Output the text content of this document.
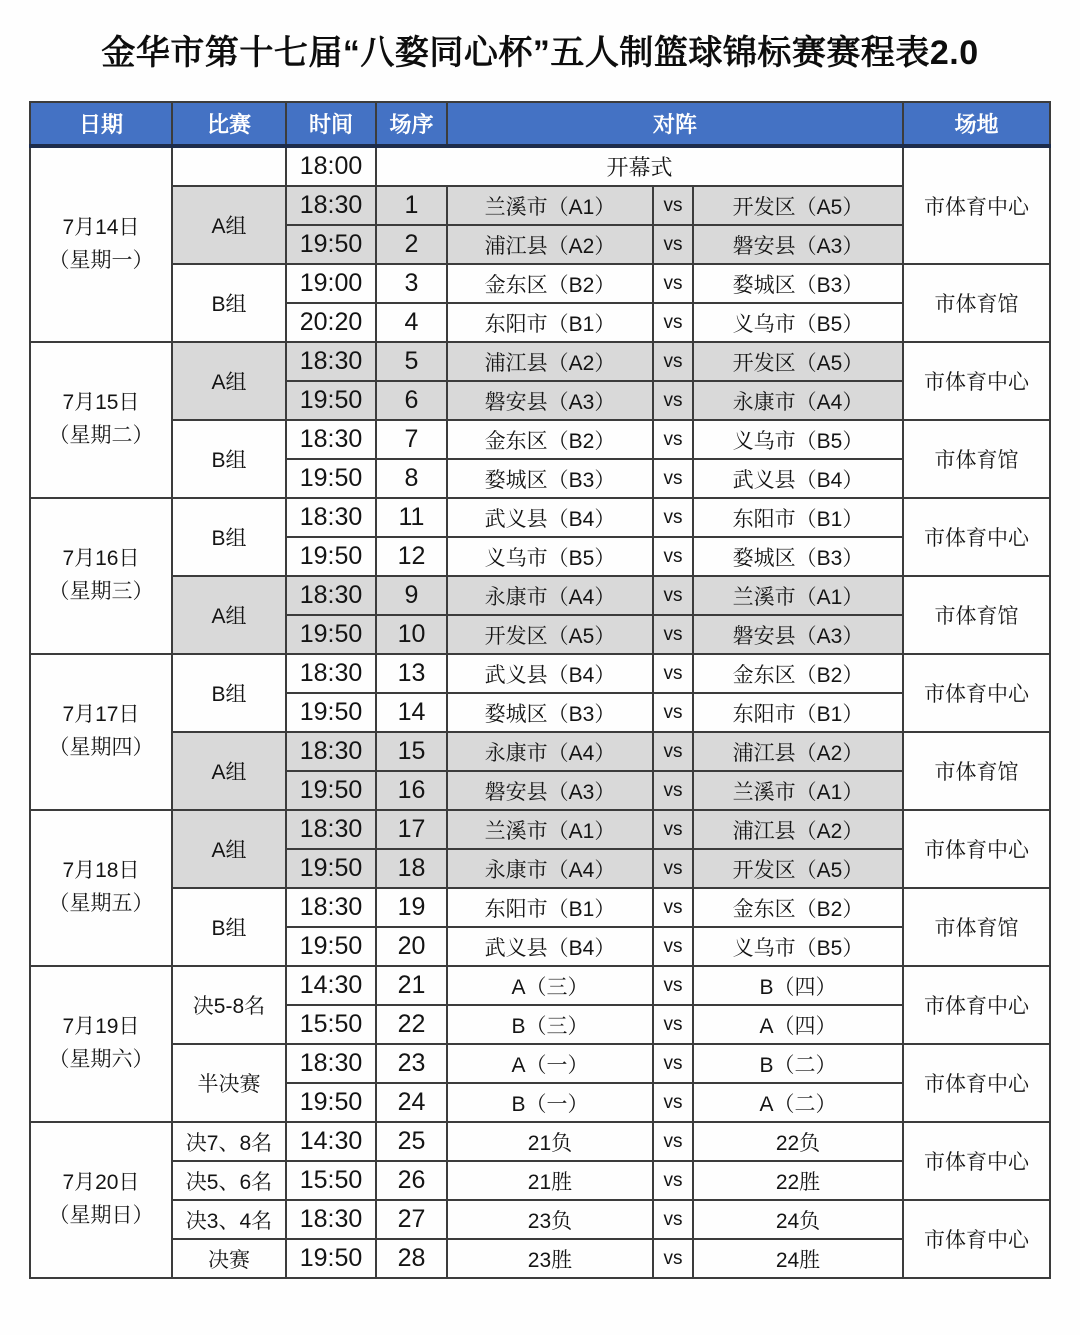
金华市第十七届“八婺同心杯”五人制篮球锦标赛赛程表2.0
日期	比赛	时间	场序	对阵			场地

7月14日
（星期一）		18:00	开幕式				市体育中心
	A组	18:30	1	兰溪市（A1）	vs	开发区（A5）	
		19:50	2	浦江县（A2）	vs	磐安县（A3）	
	B组	19:00	3	金东区（B2）	vs	婺城区（B3）	市体育馆
		20:20	4	东阳市（B1）	vs	义乌市（B5）	

7月15日
（星期二）	A组	18:30	5	浦江县（A2）	vs	开发区（A5）	市体育中心
		19:50	6	磐安县（A3）	vs	永康市（A4）	
	B组	18:30	7	金东区（B2）	vs	义乌市（B5）	市体育馆
		19:50	8	婺城区（B3）	vs	武义县（B4）	

7月16日
（星期三）	B组	18:30	11	武义县（B4）	vs	东阳市（B1）	市体育中心
		19:50	12	义乌市（B5）	vs	婺城区（B3）	
	A组	18:30	9	永康市（A4）	vs	兰溪市（A1）	市体育馆
		19:50	10	开发区（A5）	vs	磐安县（A3）	

7月17日
（星期四）	B组	18:30	13	武义县（B4）	vs	金东区（B2）	市体育中心
		19:50	14	婺城区（B3）	vs	东阳市（B1）	
	A组	18:30	15	永康市（A4）	vs	浦江县（A2）	市体育馆
		19:50	16	磐安县（A3）	vs	兰溪市（A1）	

7月18日
（星期五）	A组	18:30	17	兰溪市（A1）	vs	浦江县（A2）	市体育中心
		19:50	18	永康市（A4）	vs	开发区（A5）	
	B组	18:30	19	东阳市（B1）	vs	金东区（B2）	市体育馆
		19:50	20	武义县（B4）	vs	义乌市（B5）	

7月19日
（星期六）	决5-8名	14:30	21	A（三）	vs	B（四）	市体育中心
		15:50	22	B（三）	vs	A（四）	
	半决赛	18:30	23	A（一）	vs	B（二）	市体育中心
		19:50	24	B（一）	vs	A（二）	

7月20日
（星期日）	决7、8名	14:30	25	21负	vs	22负	市体育中心
	决5、6名	15:50	26	21胜	vs	22胜	
	决3、4名	18:30	27	23负	vs	24负	市体育中心
	决赛	19:50	28	23胜	vs	24胜	
